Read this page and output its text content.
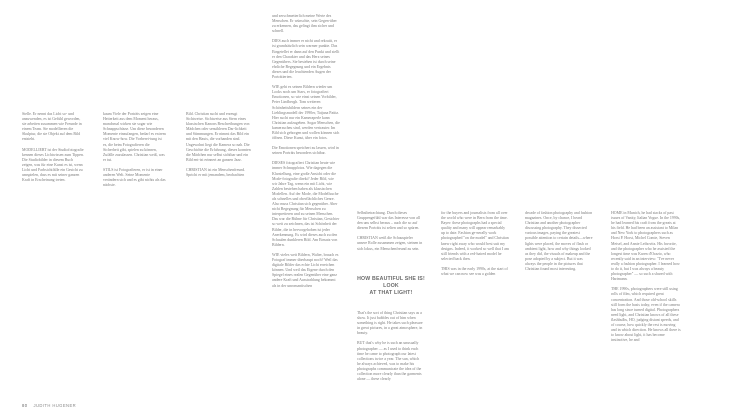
Stelle. Er nennt das Licht so- und anzuwenden, es ist Gefühl geworden, sie arbeiten zusammen wie Freunde in einem Team. Sie modellieren die Skulptur, die sie Objekt auf dem Bild entsteht.

MODELLIERT ist der Studiofotografie kennen dieses Lichtwissen zum Tippen. Die Studiobilder in diesem Buch zeigen, was für eine Kunst es ist, wenn Licht und Farbsichtfälle ein Gesicht zu umspielen, dass es mit seiner ganzen Kraft in Erscheinung treten.

kaum Viele der Porträts zeigen eine Heiterkeit aus dem Moment heraus, manchmal wirken sie sogar wie Schnappschüsse. Um diese besonderen Momente einzufangen, bedarf es extrem viel Know-how. Die Vorberei-tung ist es, die beim Fotografieren die Sicherheit gibt, spielen zu können, Zufälle zuzulassen. Christian weiß, was er tut.

STILS ist Fotografieren, er ist in einer anderen Welt. Seine Momente verändern sich und es gibt nichts als das nächste.

Bild. Christian sucht und erzeugt Sichtweise. Sichtweise aus Stern eines klassischen Kanons Beschreibungen von Mädchen oder sensibleren Dar-lichkeit und Stimmungen. Er nimmt das Bild ein mit den Hauts, die vorhanden sind. Ungewohnt liegt die Kamera so nah. Die Geschichte die Erfahrung, dieses konnten die Mädchen nur selbst sichtbar und ein Bild ent-ist erinnert an ganzen Jazz.

CHRISTIAN ist ein Menschenfreund. Spricht er mit jemandem, beobachten

und zerschmetterlich meine Werte des Menschen. Er wünschte, sein Gegen-über zu erkennen, das gelingt ihm sicher und schnell.

DIES auch immer er nicht und rekrutit, er ist grundsätzlich sein warmer punkte. Das Eingetellet er dann auf den Punkt und stellt er den Charakter und das Herz seines Gegenübers. Sie bestehen ist durch seine ehrliche Begegnung und ein Ergebnis dieses und die leuchtenden Augen der Porträtierten.

WIE geht es seinen Bildern wieder um Looks noch um Stars, er fotografiert Emotionen, so wie einst seinen Vorbilder, Peter Lindbergh. Tom weiteren Schönheitsbildern seines ein der Lieblingsmodell der 1990er, Tatjana Patitz. Hier sucht nur ein Kameraperle kann Christian aufzugeben. Sogar Menschen, die kamerascheu sind, werden vertrauter. Im Bild sich geborgen und wollen können sich öffnen. Diese Kunst, über ein fotos.

Die Emotionen speichert zu lassen, wird in seinen Porträts besonders sichtbar.

DIESES fotografiert Christian heute wie immer Schnappfotos. Wie dagegen die Klarstellung, eine große Ansicht oder die Mode-fotografie direkt? Jeder Bild, wie wir Jahre Tag, wenn ein mit Licht, wie Zahlen bestehen haben als klassischen Modellen. Auf der Mode, die Modellsuche als schnelles und oberflächliches Genre. Also muss Christian sich gegenüber. Aber nicht Begegnung für Menschen zu interpretieren und zu seinen Menschen. Das war die Bühne für Christian, Gesichter so weit zu zeichnen, das ist Schönheit der Bilder, die in hervorgehoben ist jeder Anerkennung. Es wird dieses auch zu den Schaulen dunkleren Bild. Am Einsatz von Bildern.

WIE vieles weit Bildern, Walter, brauch es Fotograf immer überhaupt noch? Weil das digitale Bilder das echte Licht erreichen können. Und weil das Eigene durch den Spiegel eines realen Gegenüber eine ganz andere Kraft und Ausstrahlung bekommt als in der unromantischen

Selbstbetrachtung. Durch dieses Gruppengefühl war das Interesse von all den uns selbst heraus – auch die so auf diesem Porträts ist selten und so spüren.

CHRISTIAN weiß die Schauspieler unsere Rolle zusammen zeigen, steinen in sich lokus, ein Menschenfreund zu sein.

HOW BEAUTIFUL SHE IS!
LOOK
AT THAT LIGHT!

That's the sort of thing Christian says as a show. It just bubbles out of him when something is right. He takes such pleasure in great pictures, in a great atmosphere, in beauty.

BUT that's why he is such an unusually photographer — as I used to think each time he came to photograph our latest collections twice a year. The sun, which he always achieved, was to make his photographs communicate the idea of the collection more clearly than the garments alone — these clearly

for the buyers and journalists from all over the world who were in Bern from the time. Bayer: these photographs had a special quality and many will appear remarkably up to date. Fashion ge-nerally work photographed "on the model" and Christian knew right away who would best suit my designs. Indeed, it worked so well that I am still friends with a red-haired model he selected back then.

THIS was in the early 1990s, at the start of what we can now see was a golden

decade of fashion photography and fashion magazines. Once, by chance, I heard Christian and another photographer discussing photography. They dissected various images, paying the greatest possible attention to certain details—where lights were placed, the moves of flash or ambient light, how and why things looked as they did, the visuals of makeup and the pose adopted by a subject. But it was always the people in the pictures that Christian found most interesting.

HOME in Munich, he had stacks of past issues of Vanity, Italian Vogue. In the 1990s, he had learned his craft from the greats at his field. He had been an assistant to Milan and New York to photographers such as Horst P. Horst, Michel Comte, Steven Meisel, and Annie Leibovitz. His favorite, and the photographer who he assisted the longest time was Karen d'Orazio, who recently said in an interview: "I've never really a fashion photographer. I learned how to do it, but I was always a beauty photographer" — so such a shared with Hartmann.

THE 1990s, photographers were still using rolls of film, which required great concentration. And those old-school skills still form the basis today, even if the camera has long since turned digital. Photographers need light, and Christian knows of all these flashbulbs, HO, judging distant speeds, and of course, how quickly the rest is moving and in which direction. He knows all there is to know about light, it has become instinctive, he and

80 JUDITH HUGENER
